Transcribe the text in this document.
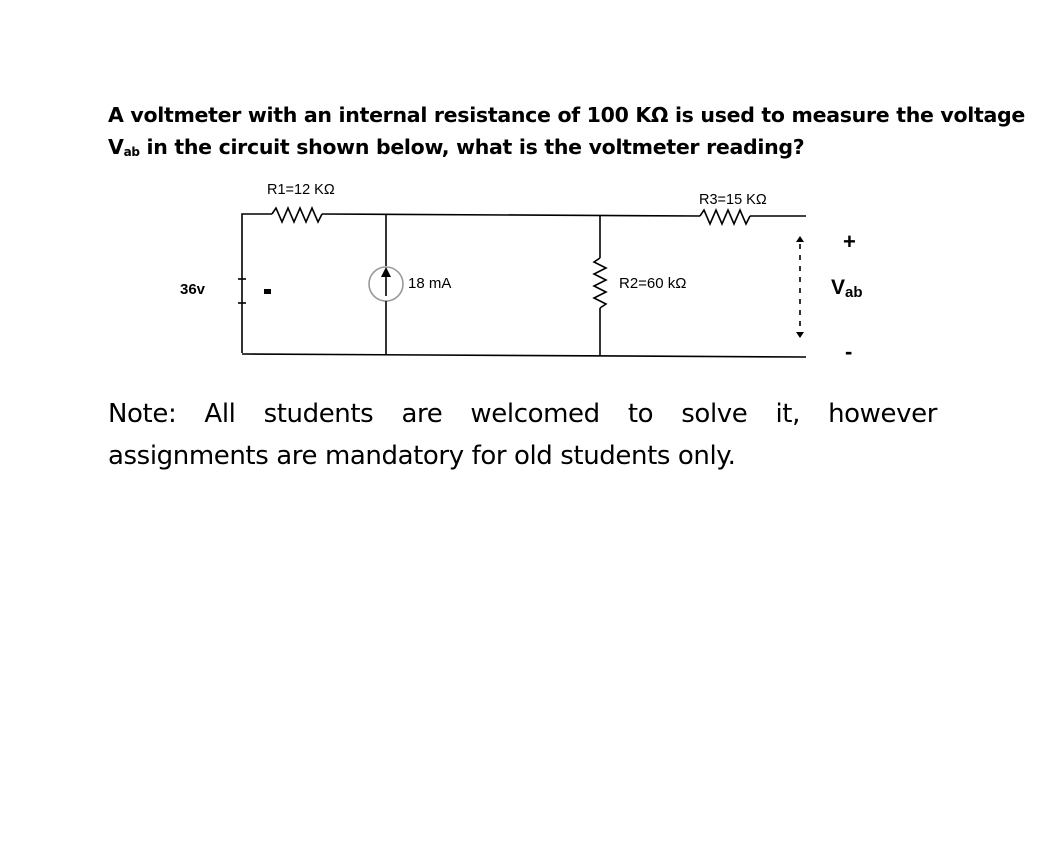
A voltmeter with an internal resistance of 100 KΩ is used to measure the voltage
$V_{ab}$ in the circuit shown below, what is the voltmeter reading?
36v
R1=12 KΩ
R3=15 KΩ
18 mA	R2=60 kΩ
+
-
Vab
Note: All students are welcomed to solve it, however
assignments are mandatory for old students only.
